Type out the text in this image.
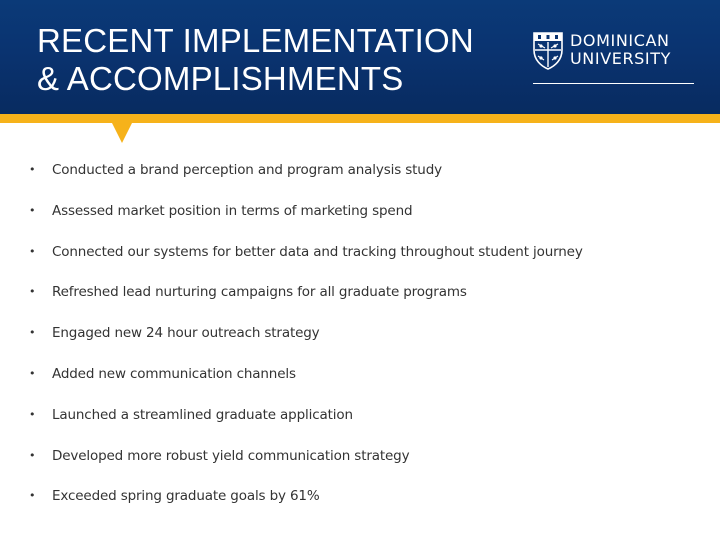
RECENT IMPLEMENTATION
& ACCOMPLISHMENTS
DOMINICAN
UNIVERSITY
• Conducted a brand perception and program analysis study
• Assessed market position in terms of marketing spend
• Connected our systems for better data and tracking throughout student journey
• Refreshed lead nurturing campaigns for all graduate programs
• Engaged new 24 hour outreach strategy
• Added new communication channels
• Launched a streamlined graduate application
• Developed more robust yield communication strategy
• Exceeded spring graduate goals by 61%
